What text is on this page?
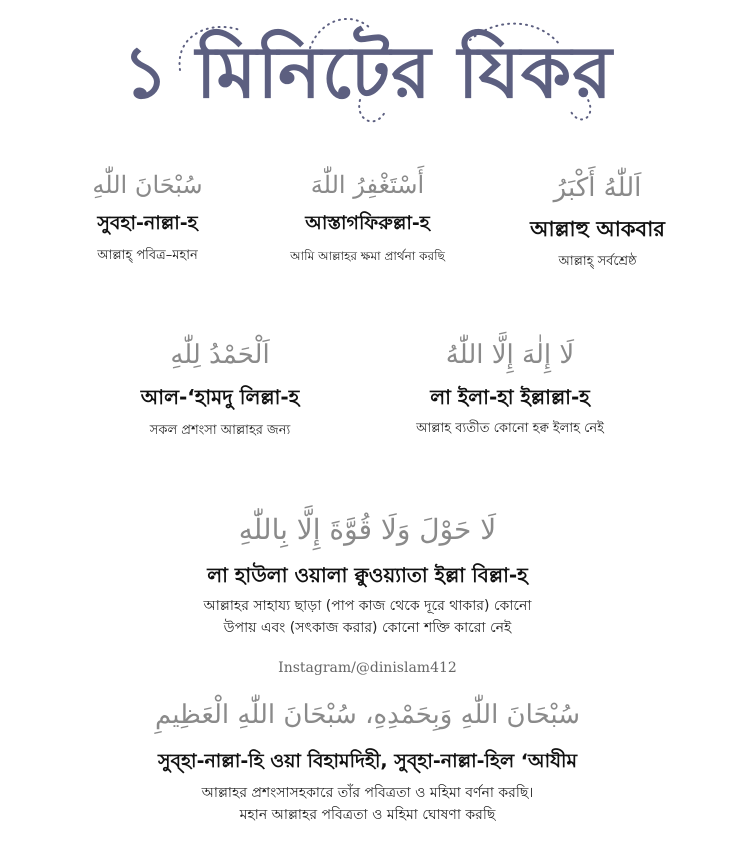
১ মিনিটের যিকর
سُبْحَانَ اللّٰهِ
সুবহা-নাল্লা-হ
আল্লাহ্ পবিত্র–মহান
أَسْتَغْفِرُ اللّٰهَ
আস্তাগফিরুল্লা-হ
আমি আল্লাহর ক্ষমা প্রার্থনা করছি
اَللّٰهُ أَكْبَرُ
আল্লাহু আকবার
আল্লাহ্ সর্বশ্রেষ্ঠ
اَلْحَمْدُ لِلّٰهِ
আল-‘হামদু লিল্লা-হ
সকল প্রশংসা আল্লাহর জন্য
لَا إِلٰهَ إِلَّا اللّٰهُ
লা ইলা-হা ইল্লাল্লা-হ
আল্লাহ ব্যতীত কোনো হক্ব ইলাহ নেই
لَا حَوْلَ وَلَا قُوَّةَ إِلَّا بِاللّٰهِ
লা হাউলা ওয়ালা ক্বুওয়্যাতা ইল্লা বিল্লা-হ
আল্লাহর সাহায্য ছাড়া (পাপ কাজ থেকে দূরে থাকার) কোনো
উপায় এবং (সৎকাজ করার) কোনো শক্তি কারো নেই
Instagram/@dinislam412
سُبْحَانَ اللّٰهِ وَبِحَمْدِهِ، سُبْحَانَ اللّٰهِ الْعَظِيمِ
সুব্‌হা-নাল্লা-হি ওয়া বিহামদিহী, সুব্‌হা-নাল্লা-হিল ‘আযীম
আল্লাহর প্রশংসাসহকারে তাঁর পবিত্রতা ও মহিমা বর্ণনা করছি।
মহান আল্লাহর পবিত্রতা ও মহিমা ঘোষণা করছি
